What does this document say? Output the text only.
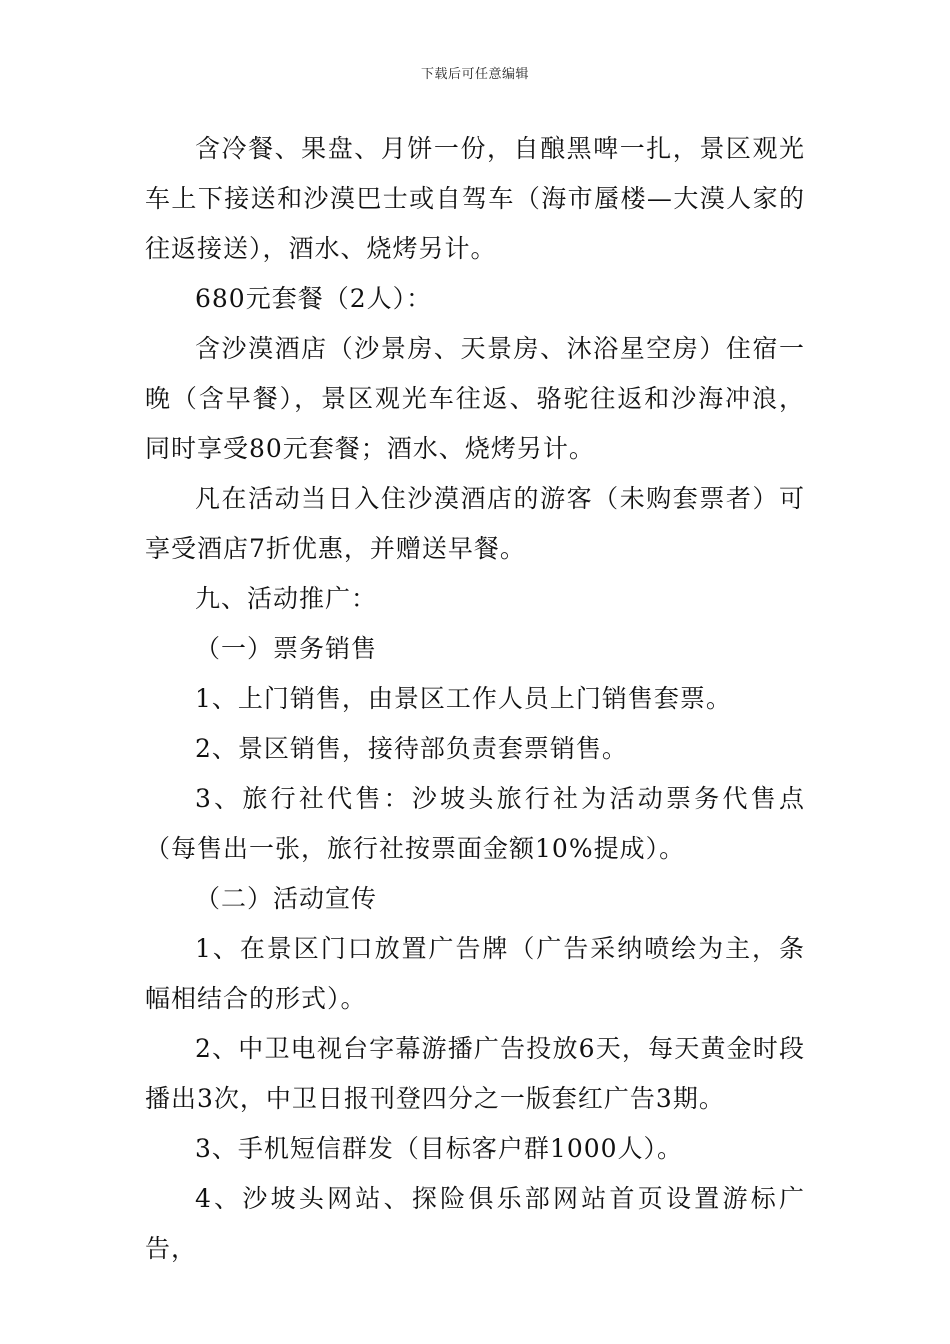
下载后可任意编辑

含冷餐、果盘、月饼一份，自酿黑啤一扎，景区观光车上下接送和沙漠巴士或自驾车（海市蜃楼—大漠人家的往返接送），酒水、烧烤另计。

680元套餐（2人）：

含沙漠酒店（沙景房、天景房、沐浴星空房）住宿一晚（含早餐），景区观光车往返、骆驼往返和沙海冲浪，同时享受80元套餐；酒水、烧烤另计。

凡在活动当日入住沙漠酒店的游客（未购套票者）可享受酒店7折优惠，并赠送早餐。

九、活动推广：

（一）票务销售

1、上门销售，由景区工作人员上门销售套票。

2、景区销售，接待部负责套票销售。

3、旅行社代售：沙坡头旅行社为活动票务代售点（每售出一张，旅行社按票面金额10%提成）。

（二）活动宣传

1、在景区门口放置广告牌（广告采纳喷绘为主，条幅相结合的形式）。

2、中卫电视台字幕游播广告投放6天，每天黄金时段播出3次，中卫日报刊登四分之一版套红广告3期。

3、手机短信群发（目标客户群1000人）。

4、沙坡头网站、探险俱乐部网站首页设置游标广告，
